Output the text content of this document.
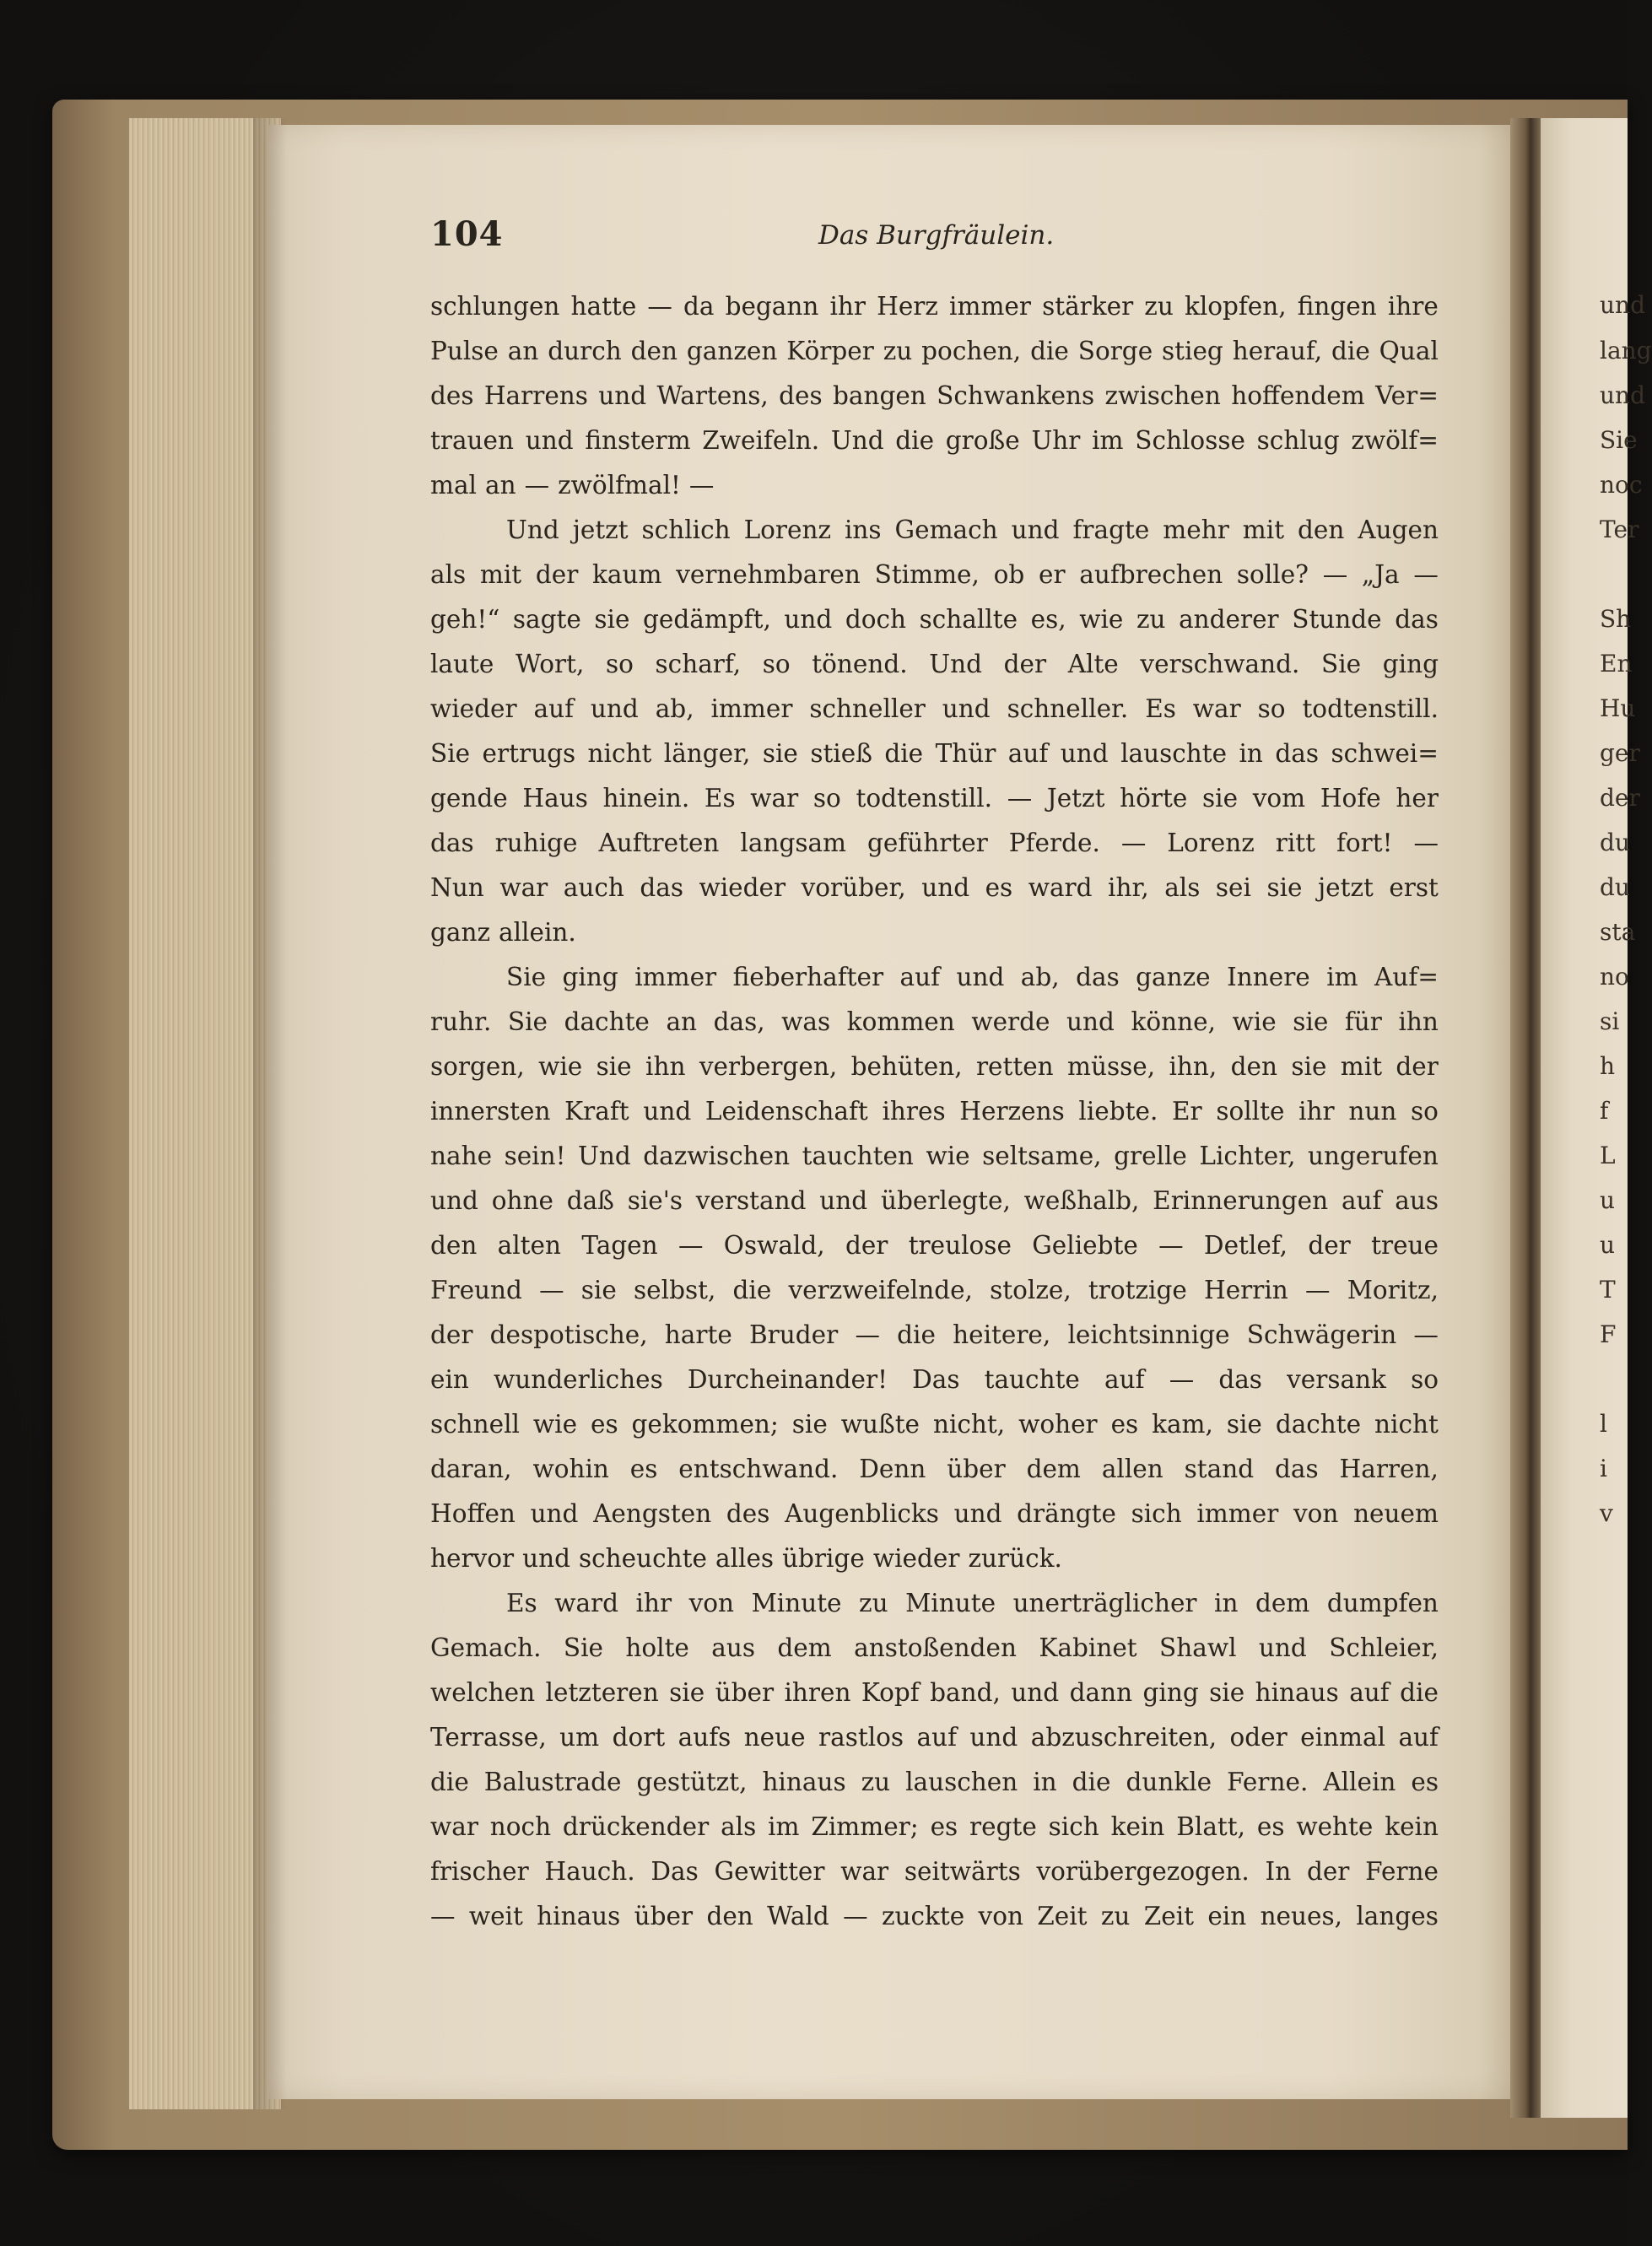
und
lang
und
Sie
noc
Ter
Sh
En
Hu
ger
der
du
du
sta
no
si
h
f
L
u
u
T
F
l
i
v
104	Das Burgfräulein.
schlungen hatte — da begann ihr Herz immer stärker zu klopfen, fingen ihre
Pulse an durch den ganzen Körper zu pochen, die Sorge stieg herauf, die Qual
des Harrens und Wartens, des bangen Schwankens zwischen hoffendem Ver=
trauen und finsterm Zweifeln. Und die große Uhr im Schlosse schlug zwölf=
mal an — zwölfmal! —
Und jetzt schlich Lorenz ins Gemach und fragte mehr mit den Augen
als mit der kaum vernehmbaren Stimme, ob er aufbrechen solle? — „Ja —
geh!“ sagte sie gedämpft, und doch schallte es, wie zu anderer Stunde das
laute Wort, so scharf, so tönend. Und der Alte verschwand. Sie ging
wieder auf und ab, immer schneller und schneller. Es war so todtenstill.
Sie ertrugs nicht länger, sie stieß die Thür auf und lauschte in das schwei=
gende Haus hinein. Es war so todtenstill. — Jetzt hörte sie vom Hofe her
das ruhige Auftreten langsam geführter Pferde. — Lorenz ritt fort! —
Nun war auch das wieder vorüber, und es ward ihr, als sei sie jetzt erst
ganz allein.
Sie ging immer fieberhafter auf und ab, das ganze Innere im Auf=
ruhr. Sie dachte an das, was kommen werde und könne, wie sie für ihn
sorgen, wie sie ihn verbergen, behüten, retten müsse, ihn, den sie mit der
innersten Kraft und Leidenschaft ihres Herzens liebte. Er sollte ihr nun so
nahe sein! Und dazwischen tauchten wie seltsame, grelle Lichter, ungerufen
und ohne daß sie's verstand und überlegte, weßhalb, Erinnerungen auf aus
den alten Tagen — Oswald, der treulose Geliebte — Detlef, der treue
Freund — sie selbst, die verzweifelnde, stolze, trotzige Herrin — Moritz,
der despotische, harte Bruder — die heitere, leichtsinnige Schwägerin —
ein wunderliches Durcheinander! Das tauchte auf — das versank so
schnell wie es gekommen; sie wußte nicht, woher es kam, sie dachte nicht
daran, wohin es entschwand. Denn über dem allen stand das Harren,
Hoffen und Aengsten des Augenblicks und drängte sich immer von neuem
hervor und scheuchte alles übrige wieder zurück.
Es ward ihr von Minute zu Minute unerträglicher in dem dumpfen
Gemach. Sie holte aus dem anstoßenden Kabinet Shawl und Schleier,
welchen letzteren sie über ihren Kopf band, und dann ging sie hinaus auf die
Terrasse, um dort aufs neue rastlos auf und abzuschreiten, oder einmal auf
die Balustrade gestützt, hinaus zu lauschen in die dunkle Ferne. Allein es
war noch drückender als im Zimmer; es regte sich kein Blatt, es wehte kein
frischer Hauch. Das Gewitter war seitwärts vorübergezogen. In der Ferne
— weit hinaus über den Wald — zuckte von Zeit zu Zeit ein neues, langes
